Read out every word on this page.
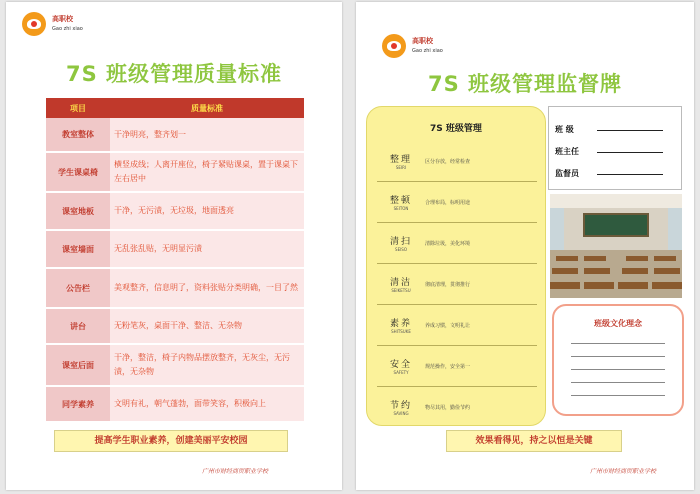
高职校
Gao zhi xiao
7S 班级管理质量标准
项目	质量标准
教室整体	干净明亮，整齐划一
学生课桌椅	横竖成线；人离开座位，椅子紧贴课桌，置于课桌下左右居中
课室地板	干净，无污渍，无垃圾，地面透亮
课室墙面	无乱张乱贴，无明显污渍
公告栏	美观整齐，信息明了，资料张贴分类明确，一目了然
讲台	无粉笔灰，桌面干净、整洁、无杂物
课室后面	干净，整洁，椅子内物品摆放整齐，无灰尘，无污渍，无杂物
同学素养	文明有礼，朝气蓬勃，面带笑容，积极向上
提高学生职业素养，创建美丽平安校园
广州市财经商贸职业学校
高职校
Gao zhi xiao
7S 班级管理监督牌
7S 班级管理
整理
SEIRI
区分存放，经常检查
整顿
SEITON
合理布局，标明用途
清扫
SEISO
清除垃圾，美化环境
清洁
SEIKETSU
彻底清理，贯彻推行
素养
SHITSUKE
养成习惯，文明礼让
安全
SAFETY
规范操作，安全第一
节约
SAVING
物尽其用，勤俭节约
班 级
班主任
监督员
班级文化理念
效果看得见，持之以恒是关键
广州市财经商贸职业学校
